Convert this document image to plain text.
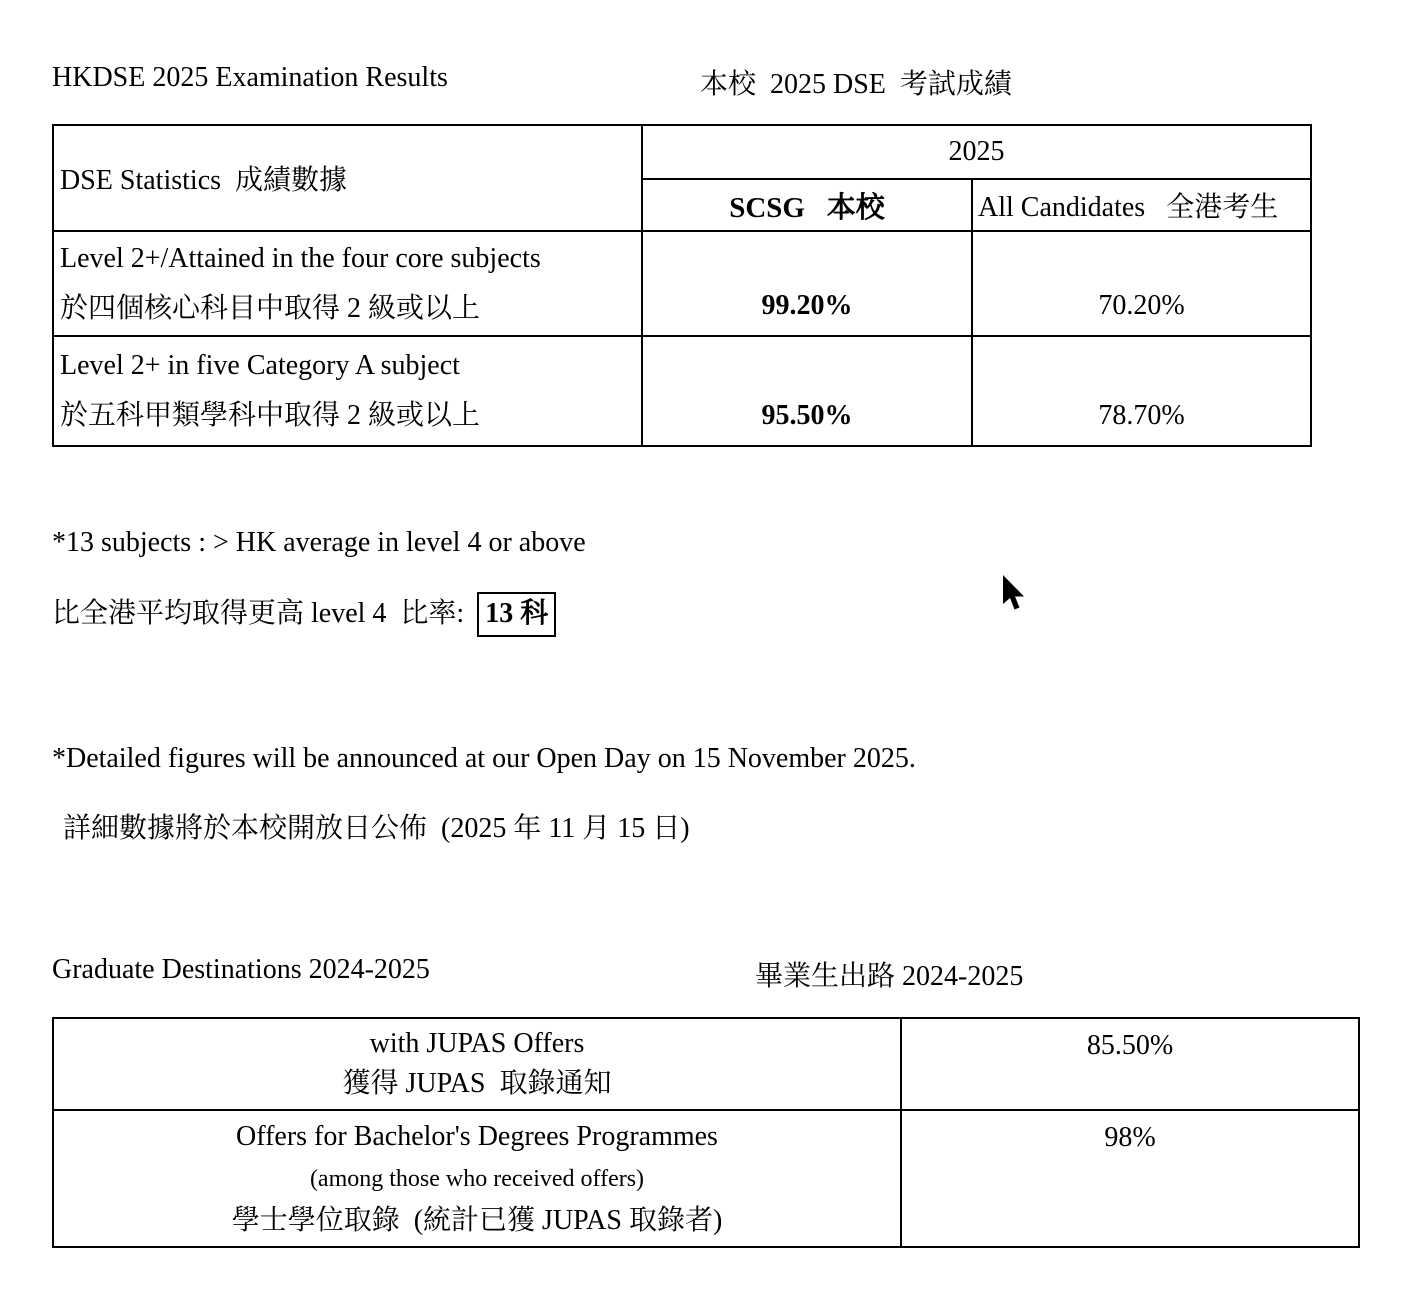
HKDSE 2025 Examination Results	本校  2025 DSE  考試成績
DSE Statistics  成績數據	2025	
	SCSG   本校	All Candidates   全港考生

Level 2+/Attained in the four core subjects
於四個核心科目中取得 2 級或以上	99.20%	70.20%

Level 2+ in five Category A subject
於五科甲類學科中取得 2 級或以上	95.50%	78.70%
*13 subjects : > HK average in level 4 or above
比全港平均取得更高 level 4  比率: 13 科
*Detailed figures will be announced at our Open Day on 15 November 2025.
詳細數據將於本校開放日公佈  (2025 年 11 月 15 日)
Graduate Destinations 2024-2025	畢業生出路 2024-2025
with JUPAS Offers
獲得 JUPAS  取錄通知	85.50%

Offers for Bachelor's Degrees Programmes
(among those who received offers)
學士學位取錄  (統計已獲 JUPAS 取錄者)	98%
